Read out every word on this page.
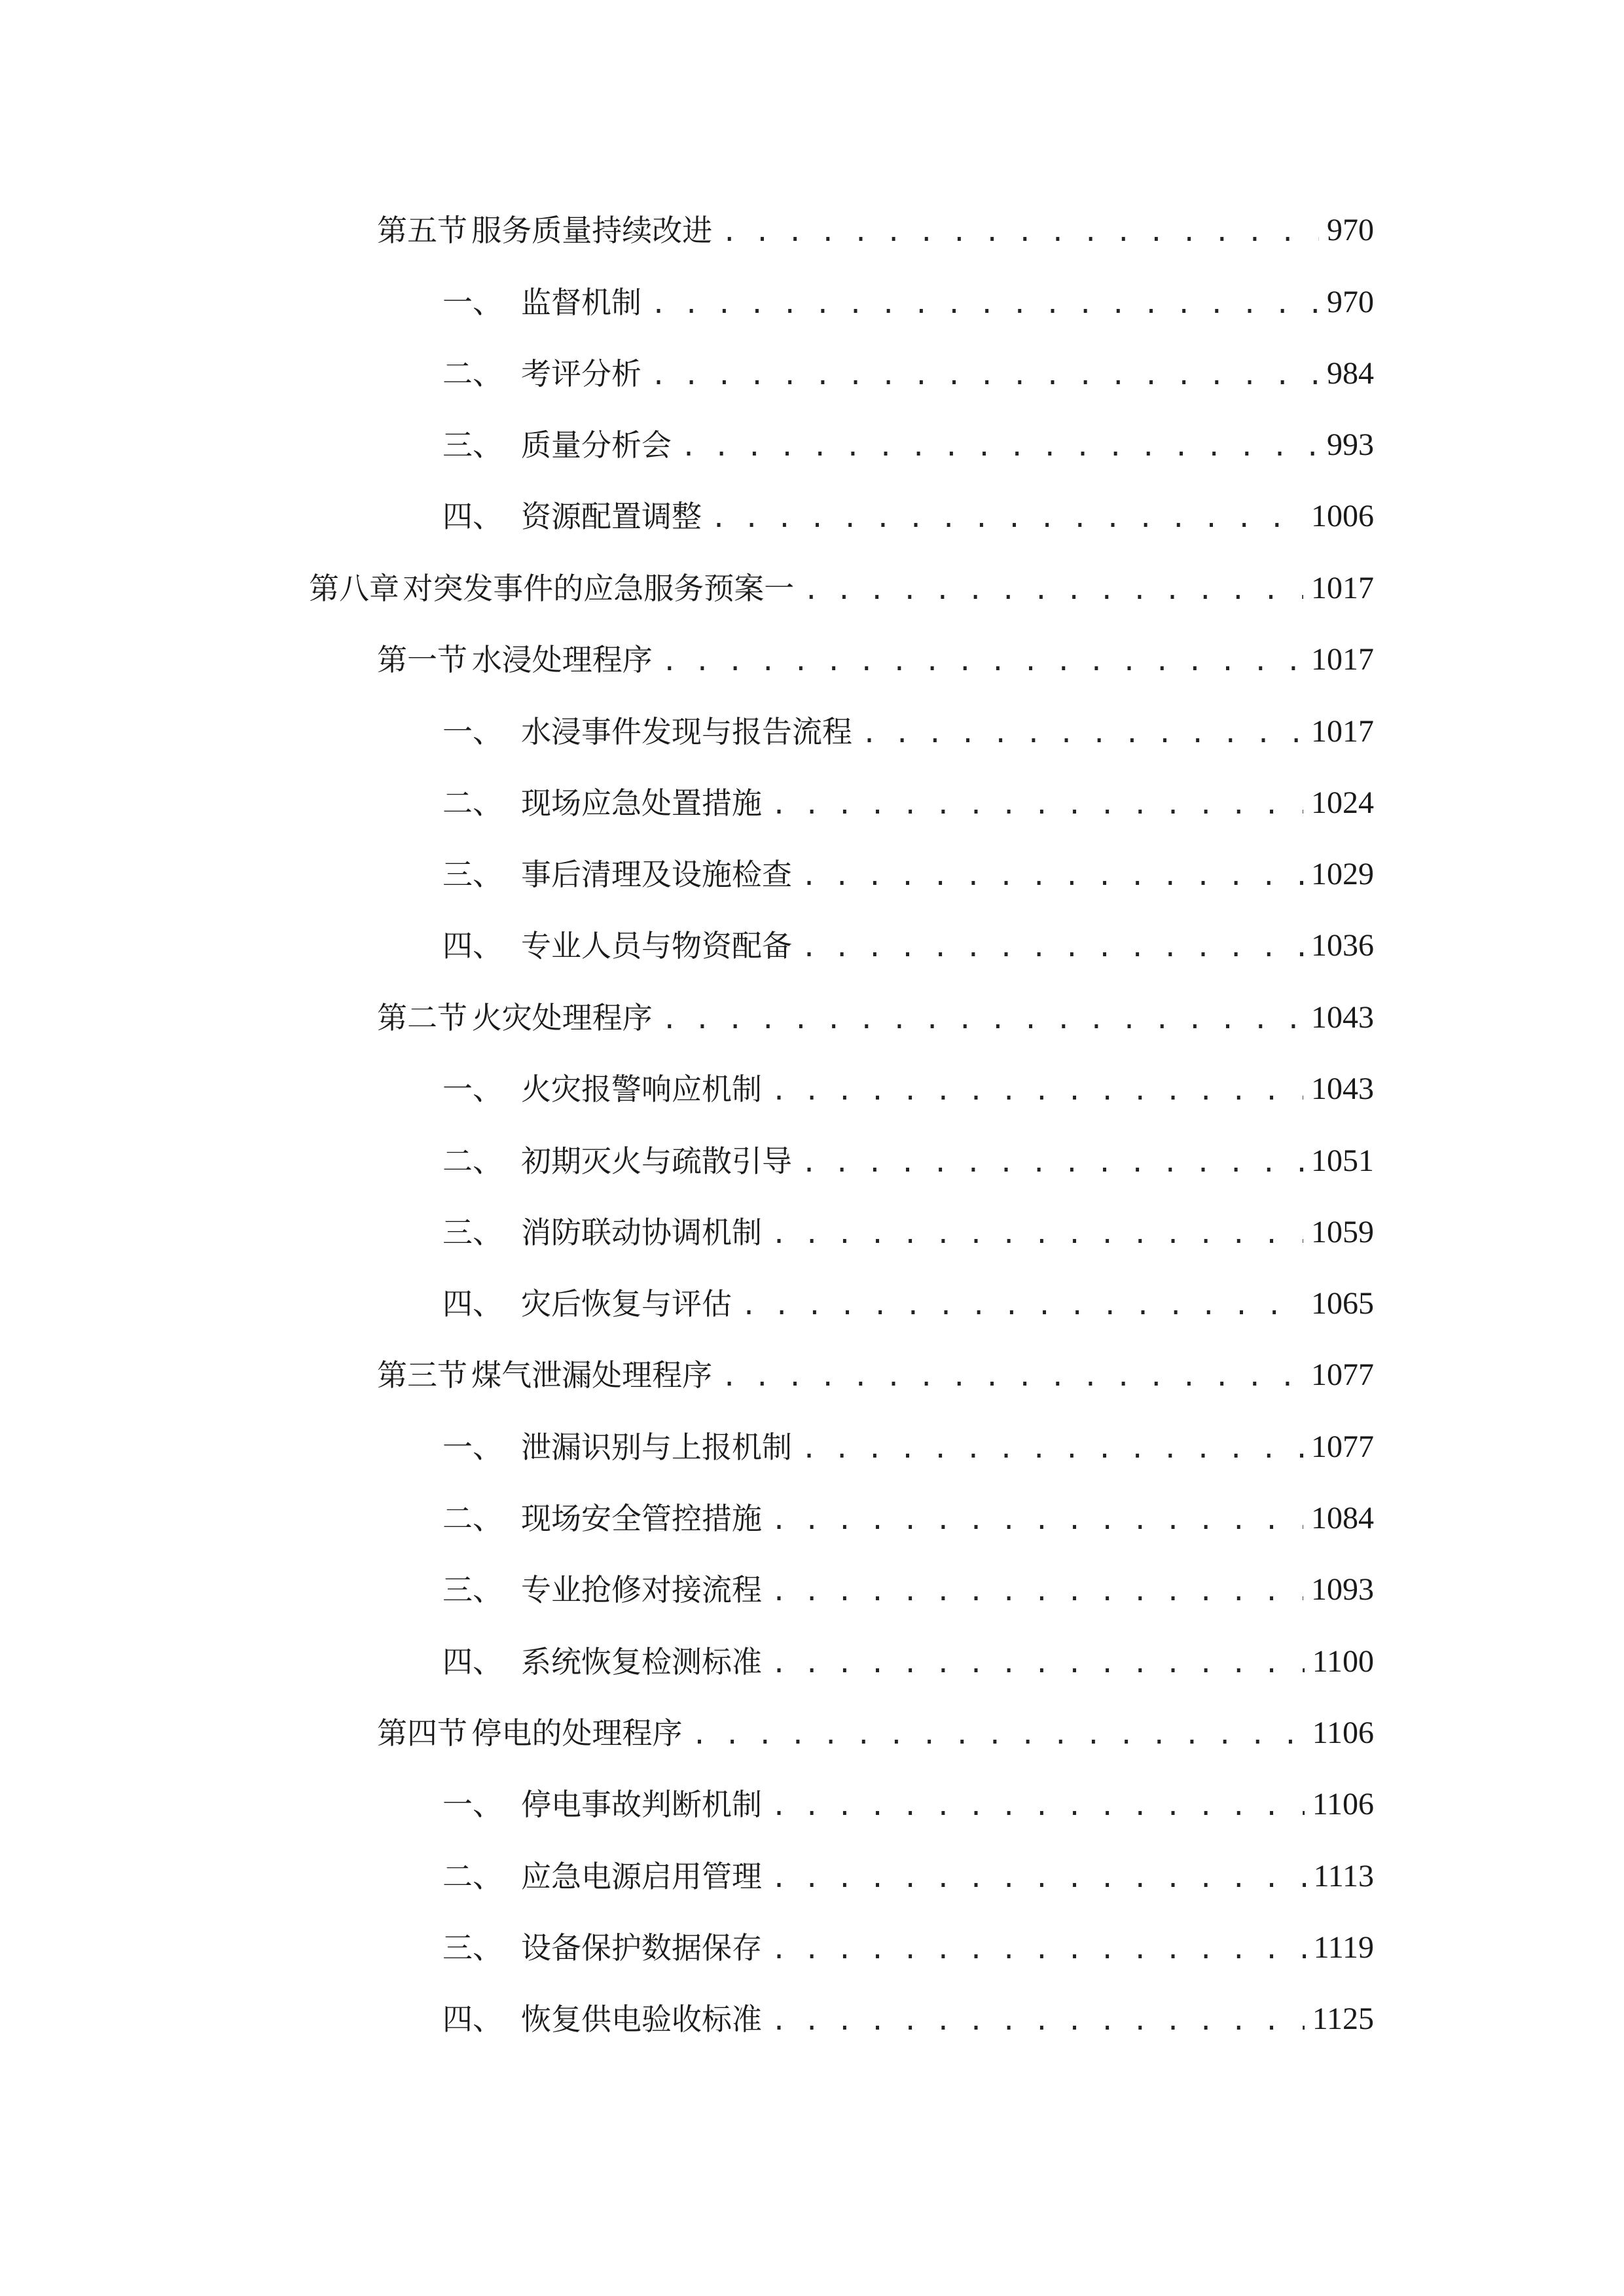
第五节 服务质量持续改进 . . .	970
一、 监督机制 . . .	970
二、 考评分析 . . .	984
三、 质量分析会 . . .	993
四、 资源配置调整 . . .	1006
第八章 对突发事件的应急服务预案一 . . .	1017
第一节 水浸处理程序 . . .	1017
一、 水浸事件发现与报告流程 . . .	1017
二、 现场应急处置措施 . . .	1024
三、 事后清理及设施检查 . . .	1029
四、 专业人员与物资配备 . . .	1036
第二节 火灾处理程序 . . .	1043
一、 火灾报警响应机制 . . .	1043
二、 初期灭火与疏散引导 . . .	1051
三、 消防联动协调机制 . . .	1059
四、 灾后恢复与评估 . . .	1065
第三节 煤气泄漏处理程序 . . .	1077
一、 泄漏识别与上报机制 . . .	1077
二、 现场安全管控措施 . . .	1084
三、 专业抢修对接流程 . . .	1093
四、 系统恢复检测标准 . . .	1100
第四节 停电的处理程序 . . .	1106
一、 停电事故判断机制 . . .	1106
二、 应急电源启用管理 . . .	1113
三、 设备保护数据保存 . . .	1119
四、 恢复供电验收标准 . . .	1125
